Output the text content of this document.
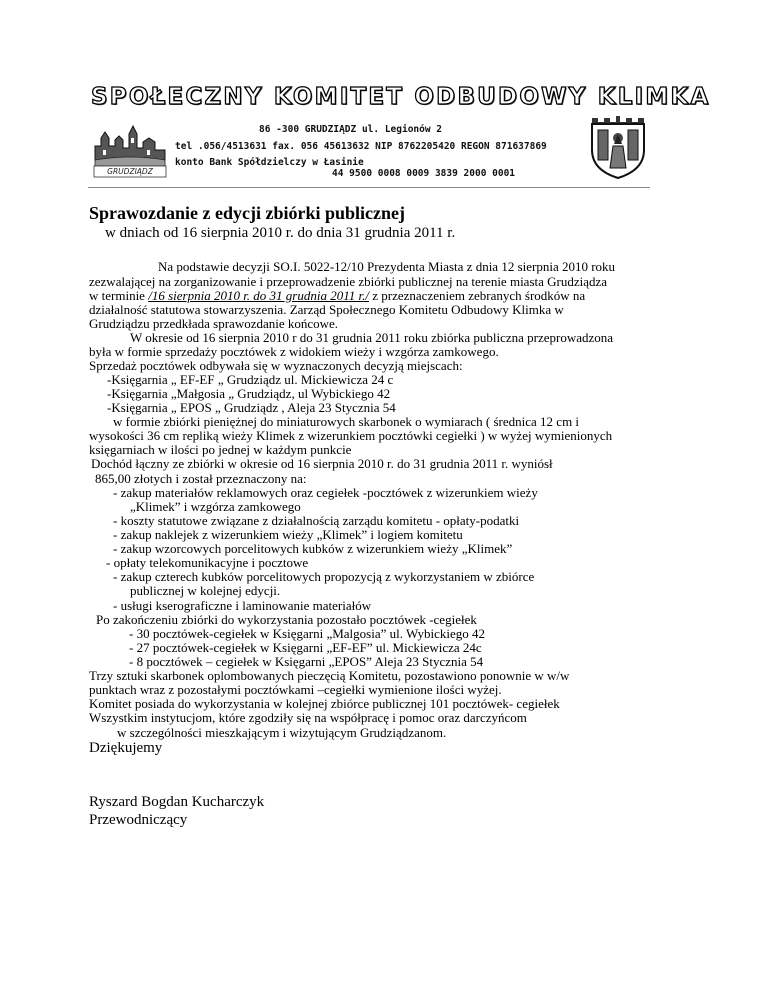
SPOŁECZNY KOMITET ODBUDOWY KLIMKA
GRUDZIĄDZ
86 -300 GRUDZIĄDZ ul. Legionów 2
tel .056/4513631 fax. 056 45613632 NIP 8762205420 REGON 871637869
konto Bank Spółdzielczy w Łasinie
44 9500 0008 0009 3839 2000 0001
Sprawozdanie z edycji zbiórki publicznej
w dniach od 16 sierpnia 2010 r. do dnia 31 grudnia 2011 r.
Na podstawie decyzji SO.I. 5022-12/10 Prezydenta Miasta z dnia 12 sierpnia 2010 roku
zezwalającej na zorganizowanie i przeprowadzenie zbiórki publicznej na terenie miasta Grudziądza
w terminie /16 sierpnia 2010 r. do 31 grudnia 2011 r./ z przeznaczeniem zebranych środków na
działalność statutowa stowarzyszenia. Zarząd Społecznego Komitetu Odbudowy Klimka w
Grudziądzu przedkłada sprawozdanie końcowe.
W okresie od 16 sierpnia 2010 r do 31 grudnia 2011 roku zbiórka publiczna przeprowadzona
była w formie sprzedaży pocztówek z widokiem wieży i wzgórza zamkowego.
Sprzedaż pocztówek odbywała się w wyznaczonych decyzją miejscach:
-Księgarnia „ EF-EF „ Grudziądz ul. Mickiewicza 24 c
-Księgarnia „Małgosia „ Grudziądz, ul Wybickiego 42
-Księgarnia „ EPOS „ Grudziądz , Aleja 23 Stycznia 54
w formie zbiórki pieniężnej do miniaturowych skarbonek o wymiarach ( średnica 12 cm i
wysokości 36 cm repliką wieży Klimek z wizerunkiem pocztówki cegiełki ) w wyżej wymienionych
księgarniach w ilości po jednej w każdym punkcie
Dochód łączny ze zbiórki w okresie od 16 sierpnia 2010 r. do 31 grudnia 2011 r. wyniósł
865,00 złotych i został przeznaczony na:
- zakup materiałów reklamowych oraz cegiełek -pocztówek z wizerunkiem wieży
„Klimek” i wzgórza zamkowego
- koszty statutowe związane z działalnością zarządu komitetu - opłaty-podatki
- zakup naklejek z wizerunkiem wieży „Klimek” i logiem komitetu
- zakup wzorcowych porcelitowych kubków z wizerunkiem wieży „Klimek”
- opłaty telekomunikacyjne i pocztowe
- zakup czterech kubków porcelitowych propozycją z wykorzystaniem w zbiórce
publicznej w kolejnej edycji.
- usługi kserograficzne i laminowanie materiałów
Po zakończeniu zbiórki do wykorzystania pozostało pocztówek -cegiełek
- 30 pocztówek-cegiełek w Księgarni „Malgosia” ul. Wybickiego 42
- 27 pocztówek-cegiełek w Księgarni „EF-EF” ul. Mickiewicza 24c
- 8 pocztówek – cegiełek w Księgarni „EPOS” Aleja 23 Stycznia 54
Trzy sztuki skarbonek oplombowanych pieczęcią Komitetu, pozostawiono ponownie w w/w
punktach wraz z pozostałymi pocztówkami –cegiełki wymienione ilości wyżej.
Komitet posiada do wykorzystania w kolejnej zbiórce publicznej 101 pocztówek- cegiełek
Wszystkim instytucjom, które zgodziły się na współpracę i pomoc oraz darczyńcom
w szczególności mieszkającym i wizytującym Grudziądzanom.
Dziękujemy
Ryszard Bogdan Kucharczyk
Przewodniczący
